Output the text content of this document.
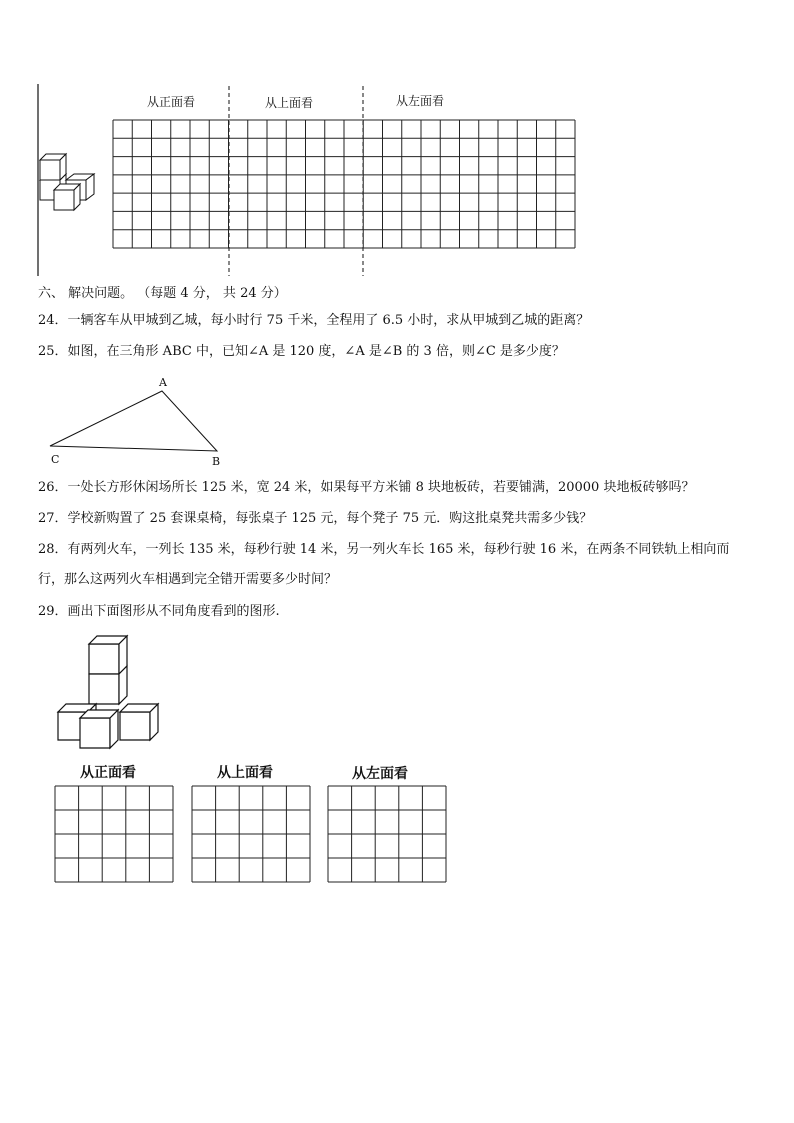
从正面看	从上面看	从左面看
六、 解决问题。 （每题 4 分， 共 24 分）
24．一辆客车从甲城到乙城，每小时行 75 千米，全程用了 6.5 小时，求从甲城到乙城的距离？
25．如图，在三角形 ABC 中，已知∠A 是 120 度，∠A 是∠B 的 3 倍，则∠C 是多少度？
A
C	B
26．一处长方形休闲场所长 125 米，宽 24 米，如果每平方米铺 8 块地板砖，若要铺满，20000 块地板砖够吗？
27．学校新购置了 25 套课桌椅，每张桌子 125 元，每个凳子 75 元．购这批桌凳共需多少钱？
28．有两列火车，一列长 135 米，每秒行驶 14 米，另一列火车长 165 米，每秒行驶 16 米，在两条不同铁轨上相向而
行，那么这两列火车相遇到完全错开需要多少时间？
29．画出下面图形从不同角度看到的图形.
从正面看	从上面看	从左面看
